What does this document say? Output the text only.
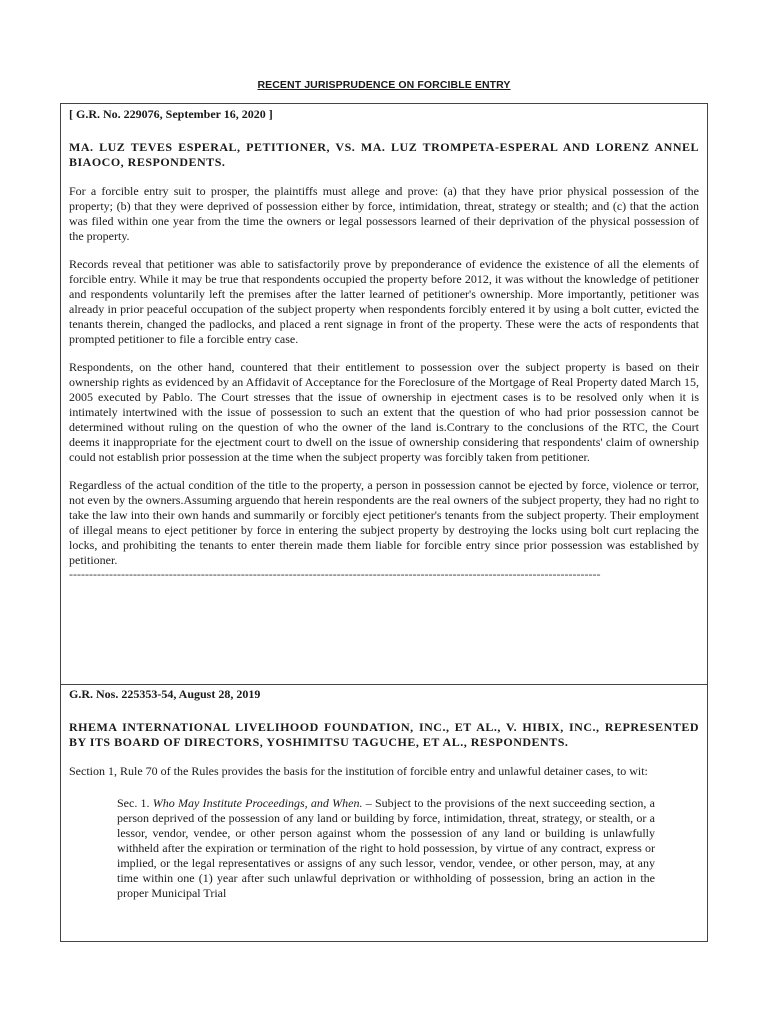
RECENT JURISPRUDENCE ON FORCIBLE ENTRY

[ G.R. No. 229076, September 16, 2020 ]

MA. LUZ TEVES ESPERAL, PETITIONER, VS. MA. LUZ TROMPETA-ESPERAL AND LORENZ ANNEL BIAOCO, RESPONDENTS.

For a forcible entry suit to prosper, the plaintiffs must allege and prove: (a) that they have prior physical possession of the property; (b) that they were deprived of possession either by force, intimidation, threat, strategy or stealth; and (c) that the action was filed within one year from the time the owners or legal possessors learned of their deprivation of the physical possession of the property.

Records reveal that petitioner was able to satisfactorily prove by preponderance of evidence the existence of all the elements of forcible entry. While it may be true that respondents occupied the property before 2012, it was without the knowledge of petitioner and respondents voluntarily left the premises after the latter learned of petitioner's ownership. More importantly, petitioner was already in prior peaceful occupation of the subject property when respondents forcibly entered it by using a bolt cutter, evicted the tenants therein, changed the padlocks, and placed a rent signage in front of the property. These were the acts of respondents that prompted petitioner to file a forcible entry case.

Respondents, on the other hand, countered that their entitlement to possession over the subject property is based on their ownership rights as evidenced by an Affidavit of Acceptance for the Foreclosure of the Mortgage of Real Property dated March 15, 2005 executed by Pablo. The Court stresses that the issue of ownership in ejectment cases is to be resolved only when it is intimately intertwined with the issue of possession to such an extent that the question of who had prior possession cannot be determined without ruling on the question of who the owner of the land is.Contrary to the conclusions of the RTC, the Court deems it inappropriate for the ejectment court to dwell on the issue of ownership considering that respondents' claim of ownership could not establish prior possession at the time when the subject property was forcibly taken from petitioner.

Regardless of the actual condition of the title to the property, a person in possession cannot be ejected by force, violence or terror, not even by the owners.Assuming arguendo that herein respondents are the real owners of the subject property, they had no right to take the law into their own hands and summarily or forcibly eject petitioner's tenants from the subject property. Their employment of illegal means to eject petitioner by force in entering the subject property by destroying the locks using bolt curt replacing the locks, and prohibiting the tenants to enter therein made them liable for forcible entry since prior possession was established by petitioner.

-------------------------------------------------------------------------------------------------------------------------------------

G.R. Nos. 225353-54, August 28, 2019

RHEMA INTERNATIONAL LIVELIHOOD FOUNDATION, INC., ET AL., V. HIBIX, INC., REPRESENTED BY ITS BOARD OF DIRECTORS, YOSHIMITSU TAGUCHE, ET AL., RESPONDENTS.

Section 1, Rule 70 of the Rules provides the basis for the institution of forcible entry and unlawful detainer cases, to wit:

Sec. 1. Who May Institute Proceedings, and When. – Subject to the provisions of the next succeeding section, a person deprived of the possession of any land or building by force, intimidation, threat, strategy, or stealth, or a lessor, vendor, vendee, or other person against whom the possession of any land or building is unlawfully withheld after the expiration or termination of the right to hold possession, by virtue of any contract, express or implied, or the legal representatives or assigns of any such lessor, vendor, vendee, or other person, may, at any time within one (1) year after such unlawful deprivation or withholding of possession, bring an action in the proper Municipal Trial
